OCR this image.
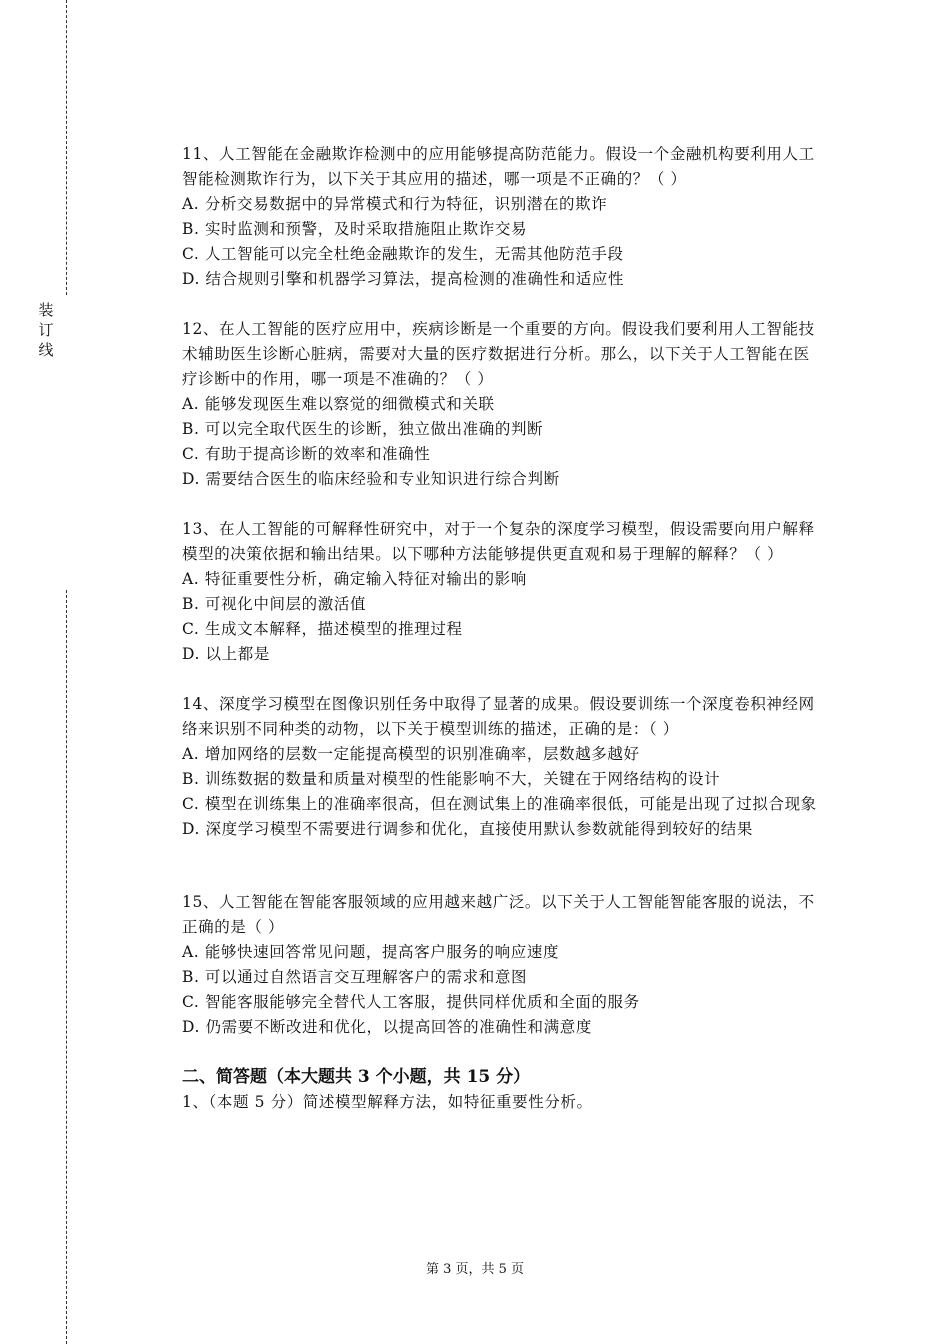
装
订
线
11、人工智能在金融欺诈检测中的应用能够提高防范能力。假设一个金融机构要利用人工
智能检测欺诈行为，以下关于其应用的描述，哪一项是不正确的？（ ）
A. 分析交易数据中的异常模式和行为特征，识别潜在的欺诈
B. 实时监测和预警，及时采取措施阻止欺诈交易
C. 人工智能可以完全杜绝金融欺诈的发生，无需其他防范手段
D. 结合规则引擎和机器学习算法，提高检测的准确性和适应性
12、在人工智能的医疗应用中，疾病诊断是一个重要的方向。假设我们要利用人工智能技
术辅助医生诊断心脏病，需要对大量的医疗数据进行分析。那么，以下关于人工智能在医
疗诊断中的作用，哪一项是不准确的？（ ）
A. 能够发现医生难以察觉的细微模式和关联
B. 可以完全取代医生的诊断，独立做出准确的判断
C. 有助于提高诊断的效率和准确性
D. 需要结合医生的临床经验和专业知识进行综合判断
13、在人工智能的可解释性研究中，对于一个复杂的深度学习模型，假设需要向用户解释
模型的决策依据和输出结果。以下哪种方法能够提供更直观和易于理解的解释？（ ）
A. 特征重要性分析，确定输入特征对输出的影响
B. 可视化中间层的激活值
C. 生成文本解释，描述模型的推理过程
D. 以上都是
14、深度学习模型在图像识别任务中取得了显著的成果。假设要训练一个深度卷积神经网
络来识别不同种类的动物，以下关于模型训练的描述，正确的是：（ ）
A. 增加网络的层数一定能提高模型的识别准确率，层数越多越好
B. 训练数据的数量和质量对模型的性能影响不大，关键在于网络结构的设计
C. 模型在训练集上的准确率很高，但在测试集上的准确率很低，可能是出现了过拟合现象
D. 深度学习模型不需要进行调参和优化，直接使用默认参数就能得到较好的结果
15、人工智能在智能客服领域的应用越来越广泛。以下关于人工智能智能客服的说法，不
正确的是（ ）
A. 能够快速回答常见问题，提高客户服务的响应速度
B. 可以通过自然语言交互理解客户的需求和意图
C. 智能客服能够完全替代人工客服，提供同样优质和全面的服务
D. 仍需要不断改进和优化，以提高回答的准确性和满意度
二、简答题（本大题共 3 个小题，共 15 分）
1、（本题 5 分）简述模型解释方法，如特征重要性分析。
第 3 页，共 5 页
